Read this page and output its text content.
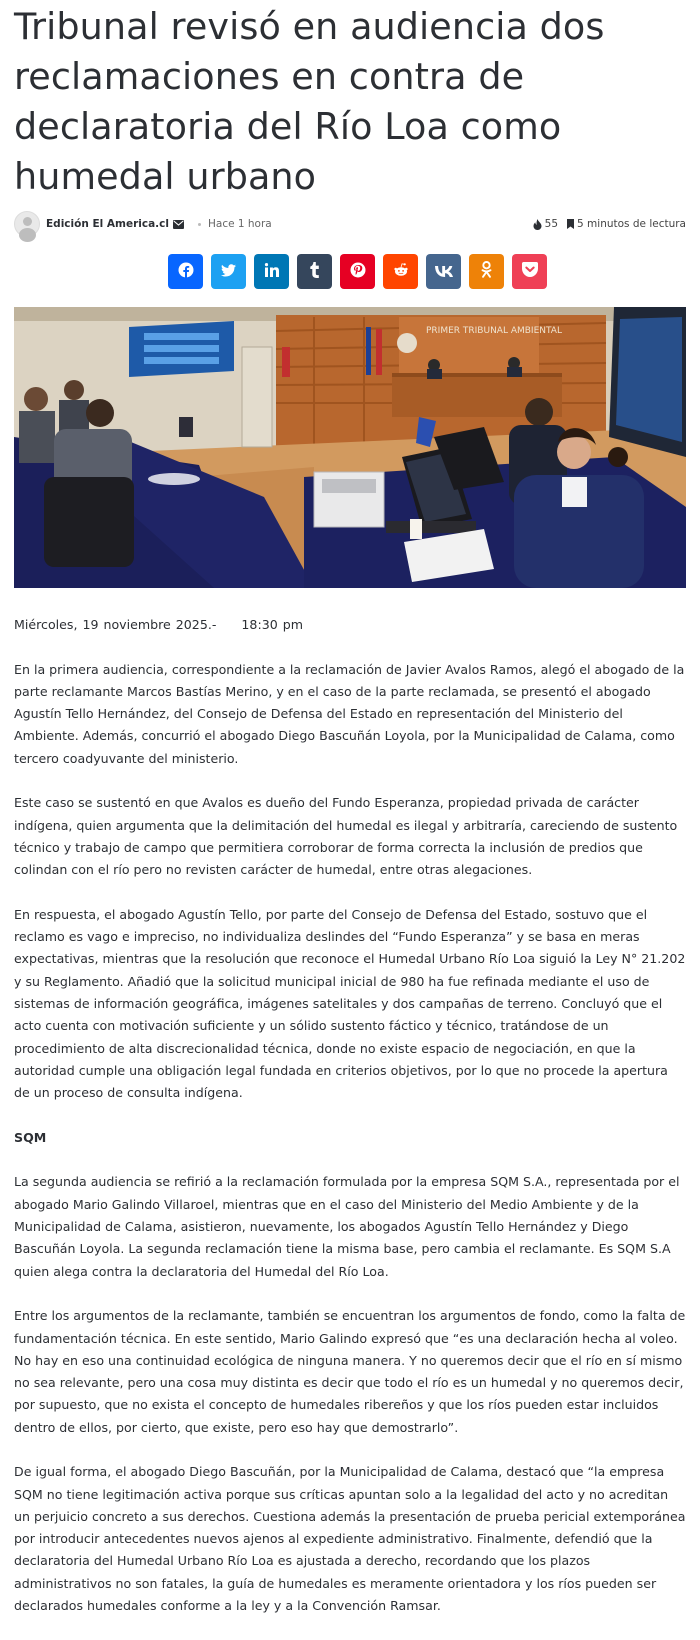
Tribunal revisó en audiencia dos reclamaciones en contra de declaratoria del Río Loa como humedal urbano
Edición El America.cl	Hace 1 hora	55 5 minutos de lectura
PRIMER TRIBUNAL AMBIENTAL

Miércoles, 19 noviembre 2025.- 18:30 pm

En la primera audiencia, correspondiente a la reclamación de Javier Avalos Ramos, alegó el abogado de la parte reclamante Marcos Bastías Merino, y en el caso de la parte reclamada, se presentó el abogado Agustín Tello Hernández, del Consejo de Defensa del Estado en representación del Ministerio del Ambiente. Además, concurrió el abogado Diego Bascuñán Loyola, por la Municipalidad de Calama, como tercero coadyuvante del ministerio.

Este caso se sustentó en que Avalos es dueño del Fundo Esperanza, propiedad privada de carácter indígena, quien argumenta que la delimitación del humedal es ilegal y arbitraría, careciendo de sustento técnico y trabajo de campo que permitiera corroborar de forma correcta la inclusión de predios que colindan con el río pero no revisten carácter de humedal, entre otras alegaciones.

En respuesta, el abogado Agustín Tello, por parte del Consejo de Defensa del Estado, sostuvo que el reclamo es vago e impreciso, no individualiza deslindes del “Fundo Esperanza” y se basa en meras expectativas, mientras que la resolución que reconoce el Humedal Urbano Río Loa siguió la Ley N° 21.202 y su Reglamento. Añadió que la solicitud municipal inicial de 980 ha fue refinada mediante el uso de sistemas de información geográfica, imágenes satelitales y dos campañas de terreno. Concluyó que el acto cuenta con motivación suficiente y un sólido sustento fáctico y técnico, tratándose de un procedimiento de alta discrecionalidad técnica, donde no existe espacio de negociación, en que la autoridad cumple una obligación legal fundada en criterios objetivos, por lo que no procede la apertura de un proceso de consulta indígena.

SQM

La segunda audiencia se refirió a la reclamación formulada por la empresa SQM S.A., representada por el abogado Mario Galindo Villaroel, mientras que en el caso del Ministerio del Medio Ambiente y de la Municipalidad de Calama, asistieron, nuevamente, los abogados Agustín Tello Hernández y Diego Bascuñán Loyola. La segunda reclamación tiene la misma base, pero cambia el reclamante. Es SQM S.A quien alega contra la declaratoria del Humedal del Río Loa.

Entre los argumentos de la reclamante, también se encuentran los argumentos de fondo, como la falta de fundamentación técnica. En este sentido, Mario Galindo expresó que “es una declaración hecha al voleo. No hay en eso una continuidad ecológica de ninguna manera. Y no queremos decir que el río en sí mismo no sea relevante, pero una cosa muy distinta es decir que todo el río es un humedal y no queremos decir, por supuesto, que no exista el concepto de humedales ribereños y que los ríos pueden estar incluidos dentro de ellos, por cierto, que existe, pero eso hay que demostrarlo”.

De igual forma, el abogado Diego Bascuñán, por la Municipalidad de Calama, destacó que “la empresa SQM no tiene legitimación activa porque sus críticas apuntan solo a la legalidad del acto y no acreditan un perjuicio concreto a sus derechos. Cuestiona además la presentación de prueba pericial extemporánea por introducir antecedentes nuevos ajenos al expediente administrativo. Finalmente, defendió que la declaratoria del Humedal Urbano Río Loa es ajustada a derecho, recordando que los plazos administrativos no son fatales, la guía de humedales es meramente orientadora y los ríos pueden ser declarados humedales conforme a la ley y a la Convención Ramsar.
